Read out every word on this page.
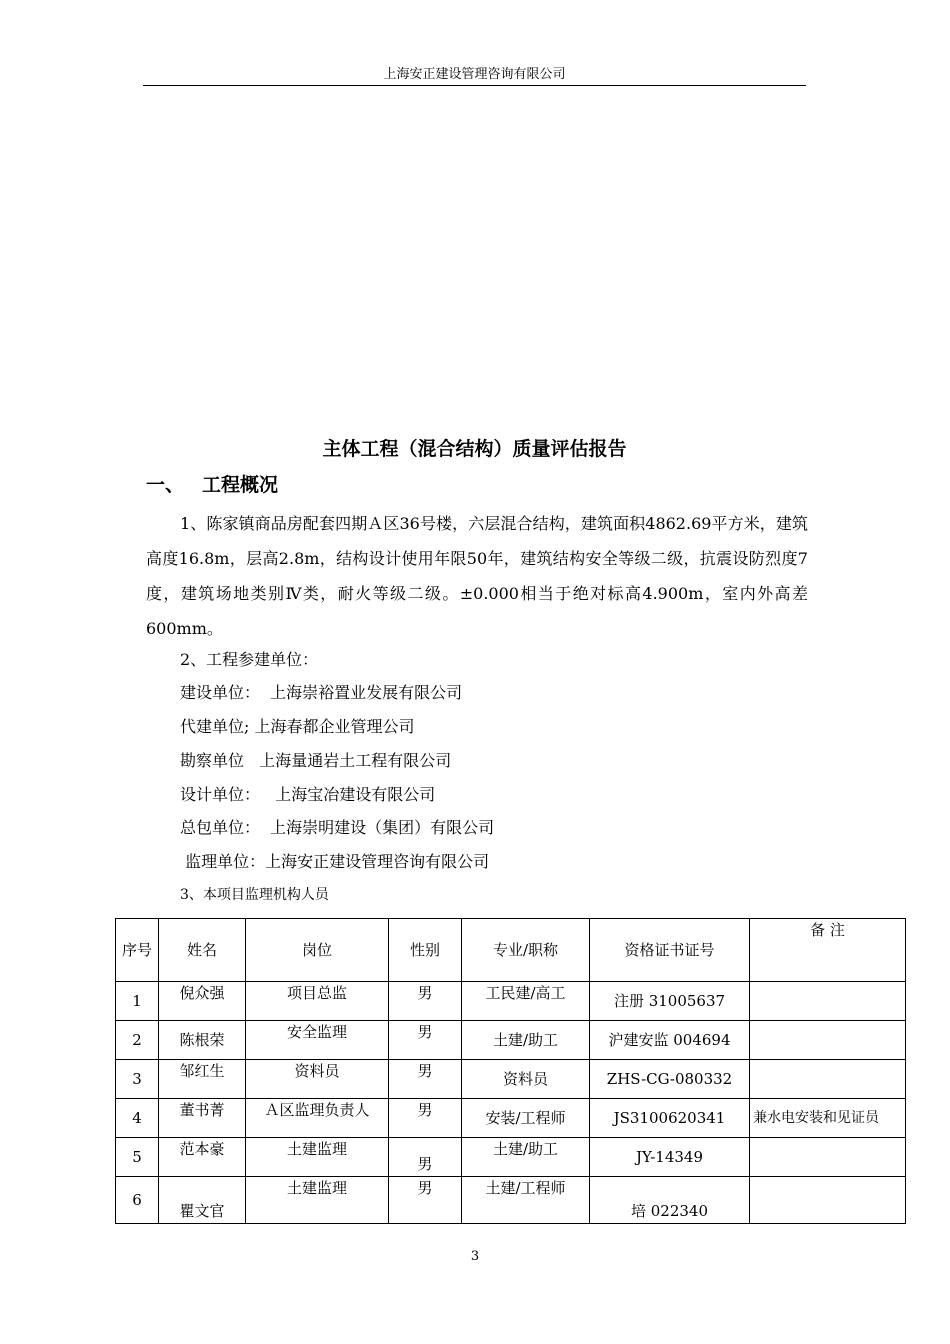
上海安正建设管理咨询有限公司
主体工程（混合结构）质量评估报告
一、 工程概况
1、陈家镇商品房配套四期Ａ区36号楼，六层混合结构，建筑面积4862.69平方米，建筑高度16.8m，层高2.8m，结构设计使用年限50年，建筑结构安全等级二级，抗震设防烈度7度，建筑场地类别Ⅳ类，耐火等级二级。±0.000相当于绝对标高4.900m，室内外高差600mm。
2、工程参建单位：
建设单位：  上海崇裕置业发展有限公司
代建单位; 上海春都企业管理公司
勘察单位   上海量通岩土工程有限公司
设计单位：   上海宝冶建设有限公司
总包单位：  上海崇明建设（集团）有限公司
监理单位：上海安正建设管理咨询有限公司
3、本项目监理机构人员
序号	姓名	岗位	性别	专业/职称	资格证书证号	备 注
1	倪众强	项目总监	男	工民建/高工	注册 31005637	
2	陈根荣	安全监理	男	土建/助工	沪建安监 004694	
3	邹红生	资料员	男	资料员	ZHS-CG-080332	
4	董书菁	Ａ区监理负责人	男	安装/工程师	JS3100620341	兼水电安装和见证员
5	范本豪	土建监理	男	土建/助工	JY-14349	
6	瞿文官	土建监理	男	土建/工程师	培 022340	
3
